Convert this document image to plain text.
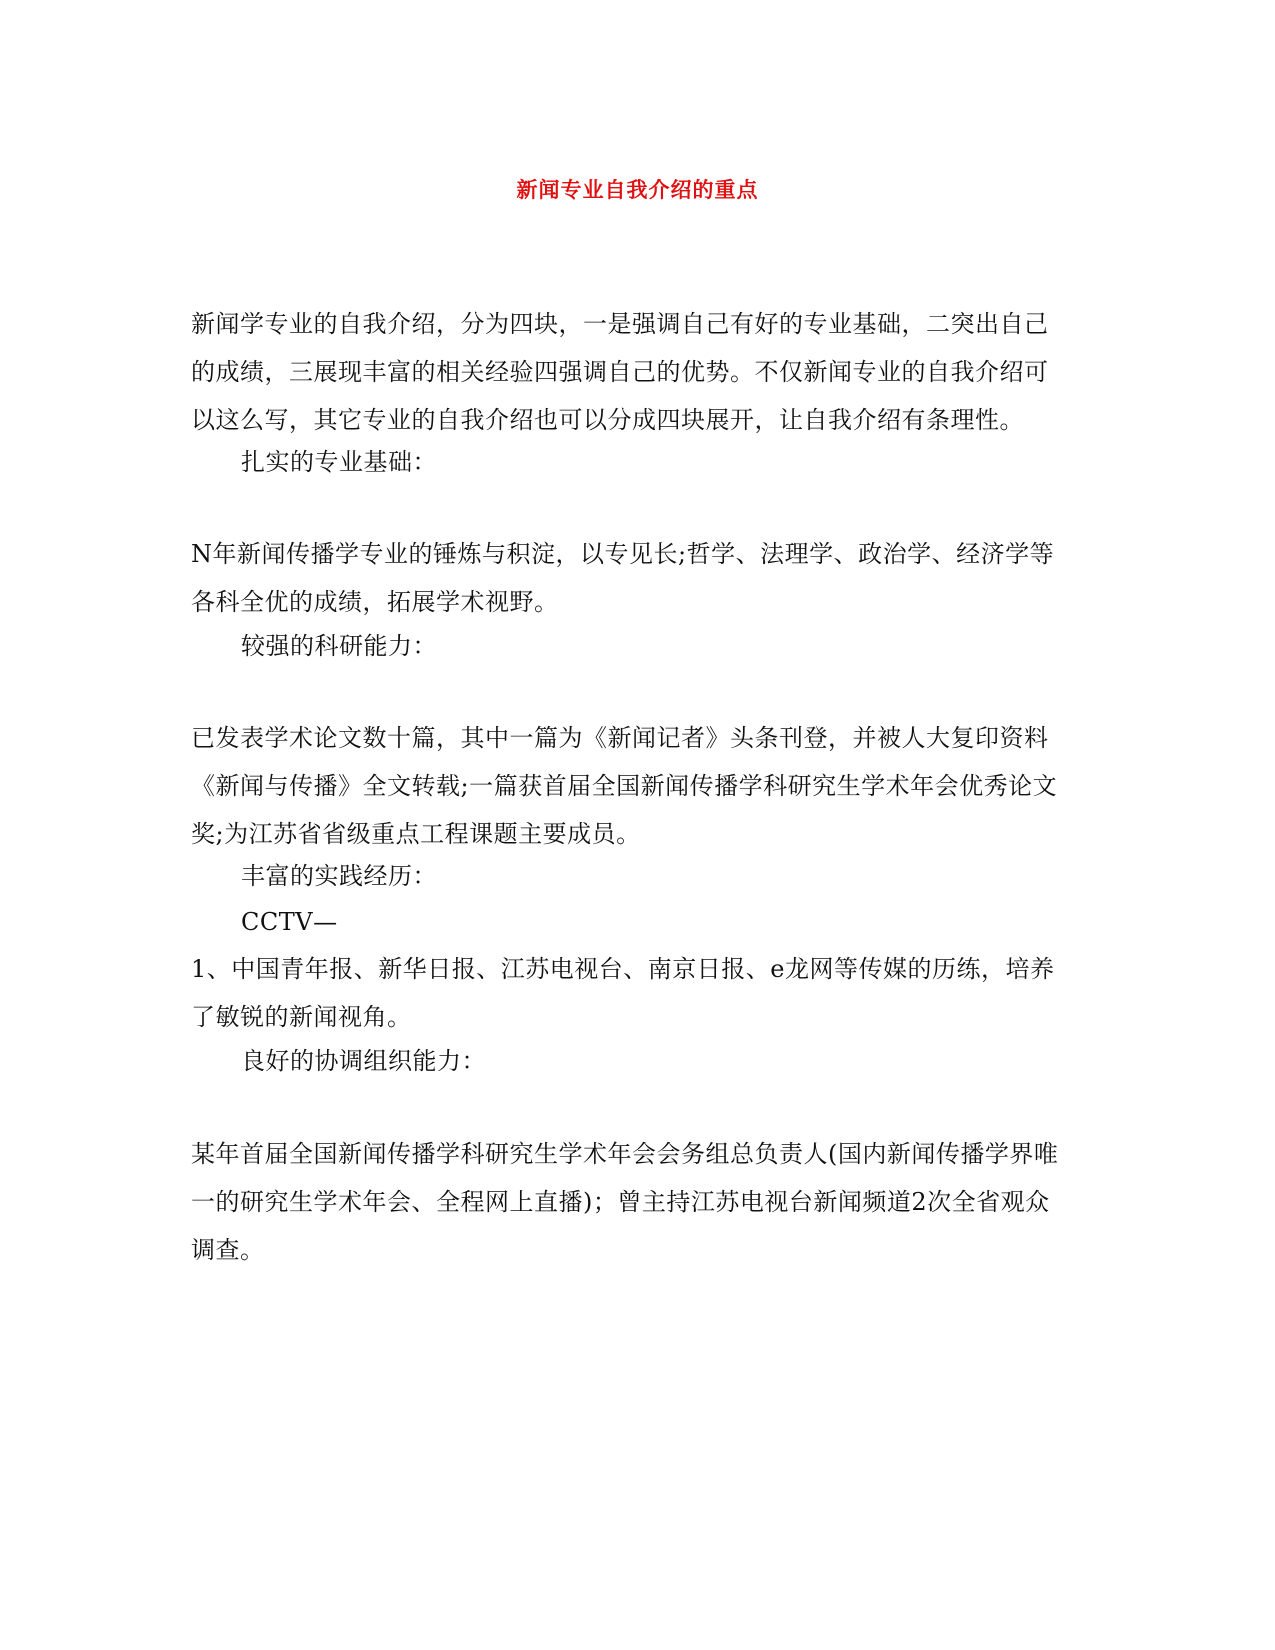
新闻专业自我介绍的重点

新闻学专业的自我介绍，分为四块，一是强调自己有好的专业基础，二突出自己的成绩，三展现丰富的相关经验四强调自己的优势。不仅新闻专业的自我介绍可以这么写，其它专业的自我介绍也可以分成四块展开，让自我介绍有条理性。

扎实的专业基础：

N年新闻传播学专业的锤炼与积淀，以专见长;哲学、法理学、政治学、经济学等各科全优的成绩，拓展学术视野。

较强的科研能力：

已发表学术论文数十篇，其中一篇为《新闻记者》头条刊登，并被人大复印资料《新闻与传播》全文转载;一篇获首届全国新闻传播学科研究生学术年会优秀论文奖;为江苏省省级重点工程课题主要成员。

丰富的实践经历：

CCTV—

1、中国青年报、新华日报、江苏电视台、南京日报、e龙网等传媒的历练，培养了敏锐的新闻视角。

良好的协调组织能力：

某年首届全国新闻传播学科研究生学术年会会务组总负责人(国内新闻传播学界唯一的研究生学术年会、全程网上直播)；曾主持江苏电视台新闻频道2次全省观众调查。
